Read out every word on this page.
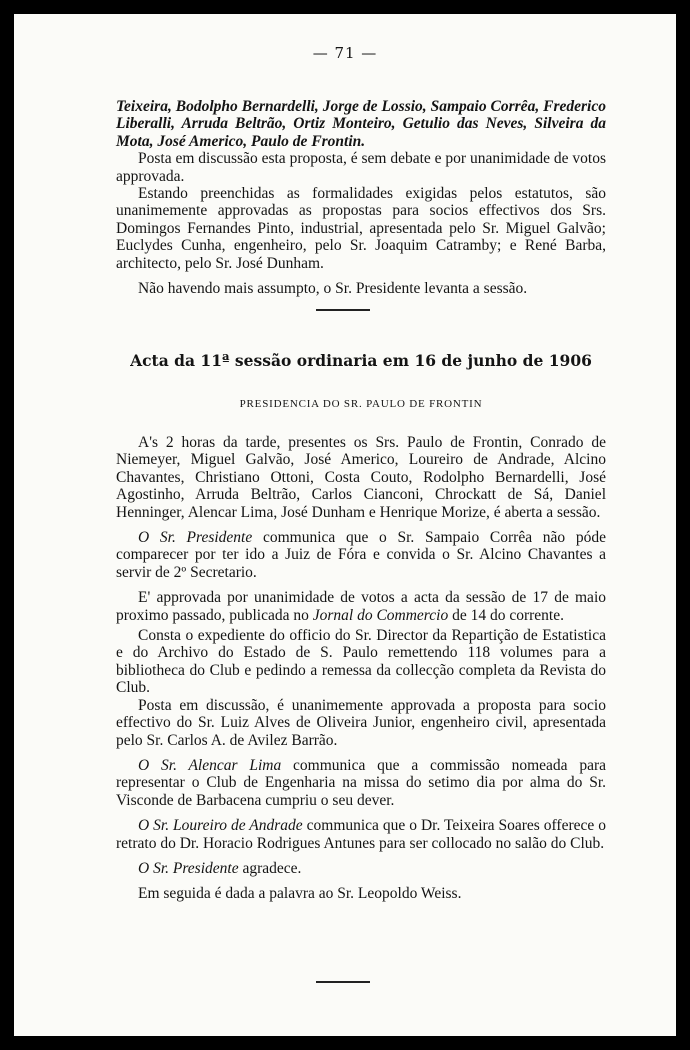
— 71 —

Teixeira, Bodolpho Bernardelli, Jorge de Lossio, Sampaio Corrêa, Frederico Liberalli, Arruda Beltrão, Ortiz Monteiro, Getulio das Neves, Silveira da Mota, José Americo, Paulo de Frontin.

Posta em discussão esta proposta, é sem debate e por unanimidade de votos approvada.

Estando preenchidas as formalidades exigidas pelos estatutos, são unanimemente approvadas as propostas para socios effectivos dos Srs. Domingos Fernandes Pinto, industrial, apresentada pelo Sr. Miguel Galvão; Euclydes Cunha, engenheiro, pelo Sr. Joaquim Catramby; e René Barba, architecto, pelo Sr. José Dunham.

Não havendo mais assumpto, o Sr. Presidente levanta a sessão.

Acta da 11ª sessão ordinaria em 16 de junho de 1906
PRESIDENCIA DO SR. PAULO DE FRONTIN

A's 2 horas da tarde, presentes os Srs. Paulo de Frontin, Conrado de Niemeyer, Miguel Galvão, José Americo, Loureiro de Andrade, Alcino Chavantes, Christiano Ottoni, Costa Couto, Rodolpho Bernardelli, José Agostinho, Arruda Beltrão, Carlos Cianconi, Chrockatt de Sá, Daniel Henninger, Alencar Lima, José Dunham e Henrique Morize, é aberta a sessão.

O Sr. Presidente communica que o Sr. Sampaio Corrêa não póde comparecer por ter ido a Juiz de Fóra e convida o Sr. Alcino Chavantes a servir de 2º Secretario.

E' approvada por unanimidade de votos a acta da sessão de 17 de maio proximo passado, publicada no Jornal do Commercio de 14 do corrente.

Consta o expediente do officio do Sr. Director da Repartição de Estatistica e do Archivo do Estado de S. Paulo remettendo 118 volumes para a bibliotheca do Club e pedindo a remessa da collecção completa da Revista do Club.

Posta em discussão, é unanimemente approvada a proposta para socio effectivo do Sr. Luiz Alves de Oliveira Junior, engenheiro civil, apresentada pelo Sr. Carlos A. de Avilez Barrão.

O Sr. Alencar Lima communica que a commissão nomeada para representar o Club de Engenharia na missa do setimo dia por alma do Sr. Visconde de Barbacena cumpriu o seu dever.

O Sr. Loureiro de Andrade communica que o Dr. Teixeira Soares offerece o retrato do Dr. Horacio Rodrigues Antunes para ser collocado no salão do Club.

O Sr. Presidente agradece.

Em seguida é dada a palavra ao Sr. Leopoldo Weiss.
